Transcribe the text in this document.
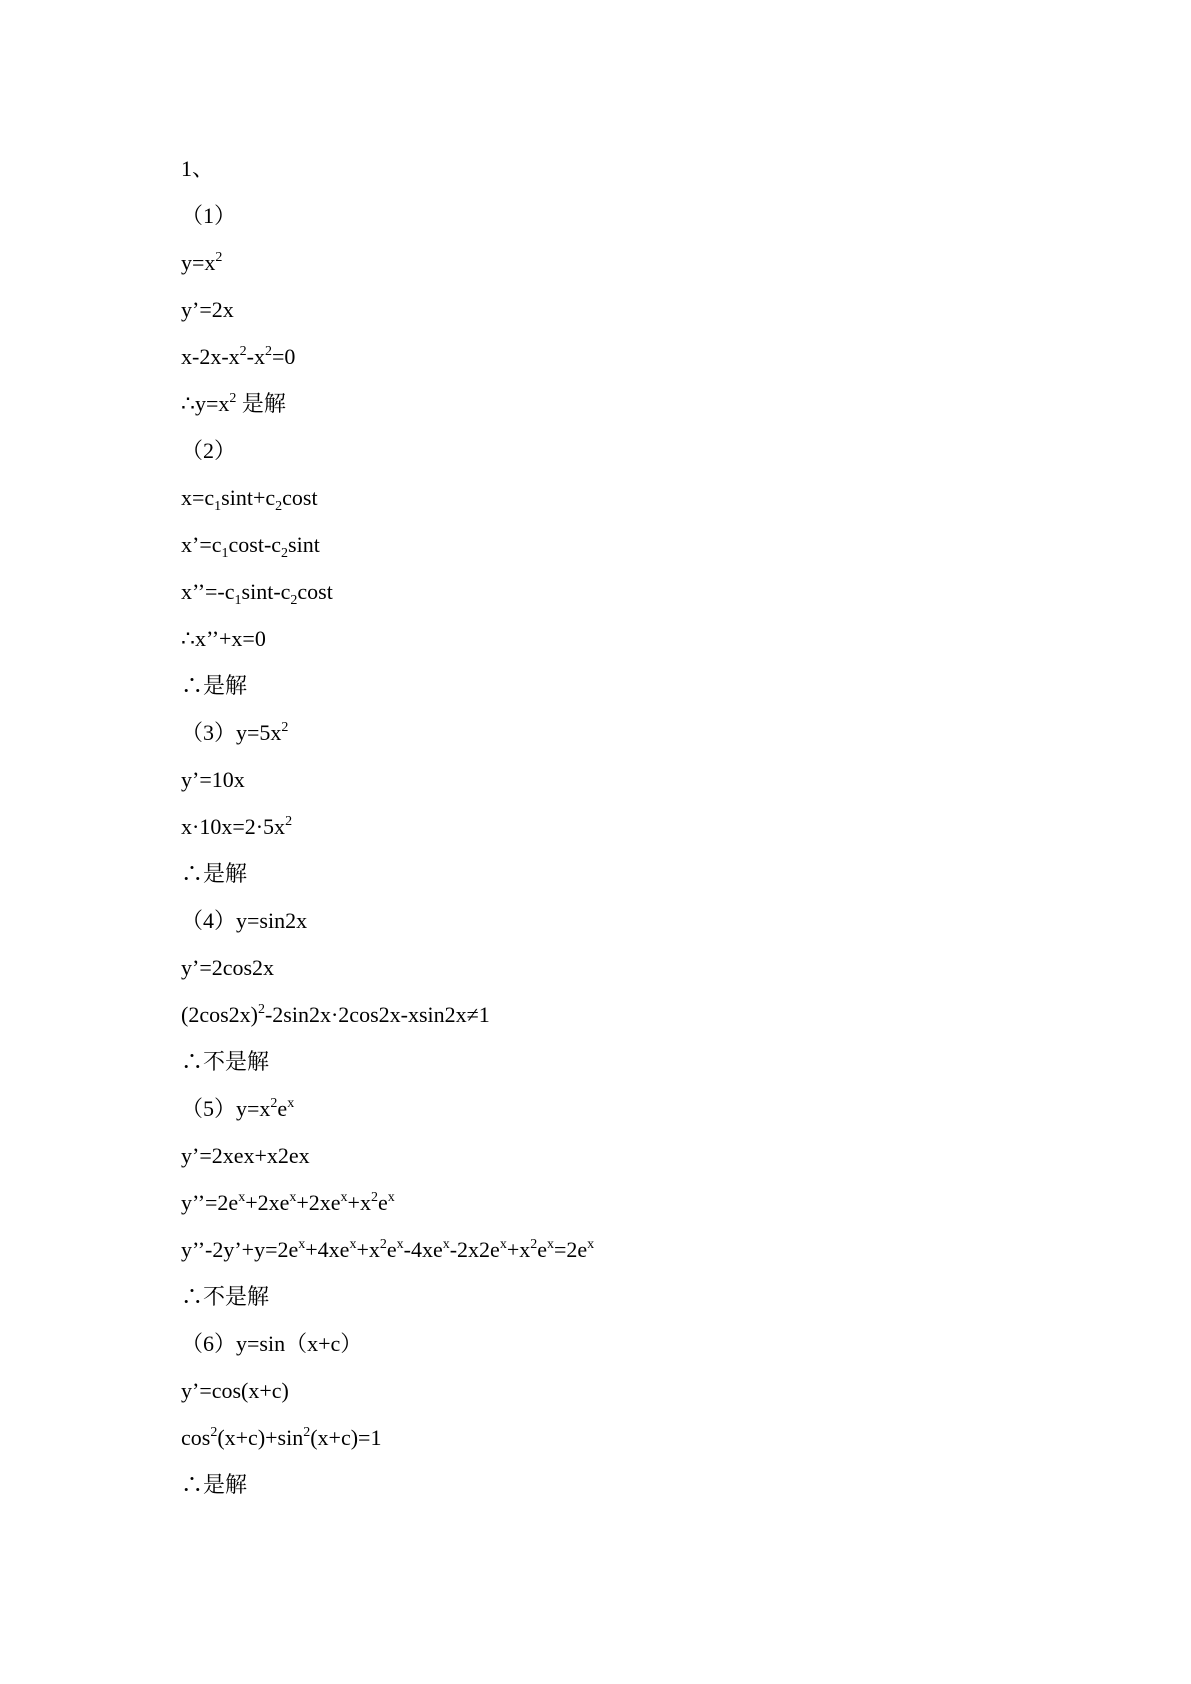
1、
（1）
$y=x^2$
y’=2x
$x-2x-x^2-x^2=0$
$\therefore y=x^2$ 是解
（2）
$x=c_1\sin t+c_2\cos t$
$x’=c_1\cos t-c_2\sin t$
$x’’=-c_1\sin t-c_2\cos t$
∴x’’+x=0
∴是解
$(3)y=5x^2$
y’=10x
$x\cdot 10x=2\cdot 5x^2$
∴是解
（4）y=sin2x
y’=2cos2x
$(2\cos 2x)^2-2\sin 2x\cdot 2\cos 2x-xsin2x\ne 1$
∴不是解
$(5)y=x^2e^x$
y’=2xex+x2ex
$y’’=2e^x+2xe^x+2xe^x+x^2e^x$
$y’’-2y’+y=2e^x+4xe^x+x^2e^x-4xe^x-2x2e^x+x^2e^x=2e^x$
∴不是解
（6）y=sin（x+c）
y’=cos(x+c)
$\cos^2(x+c)+\sin^2(x+c)=1$
∴是解
